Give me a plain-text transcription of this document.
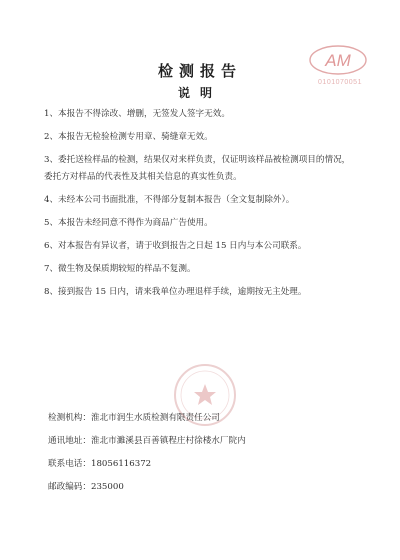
AM
0101070051
检测报告
说明

1、本报告不得涂改、增删，无签发人签字无效。

2、本报告无检验检测专用章、骑缝章无效。

3、委托送检样品的检测，结果仅对来样负责，仅证明该样品被检测项目的情况，

委托方对样品的代表性及其相关信息的真实性负责。

4、未经本公司书面批准，不得部分复制本报告（全文复制除外）。

5、本报告未经同意不得作为商品广告使用。

6、对本报告有异议者，请于收到报告之日起 15 日内与本公司联系。

7、微生物及保质期较短的样品不复测。

8、接到报告 15 日内，请来我单位办理退样手续，逾期按无主处理。

检测机构：淮北市润生水质检测有限责任公司
通讯地址：淮北市濉溪县百善镇程庄村徐楼水厂院内
联系电话：18056116372
邮政编码：235000
